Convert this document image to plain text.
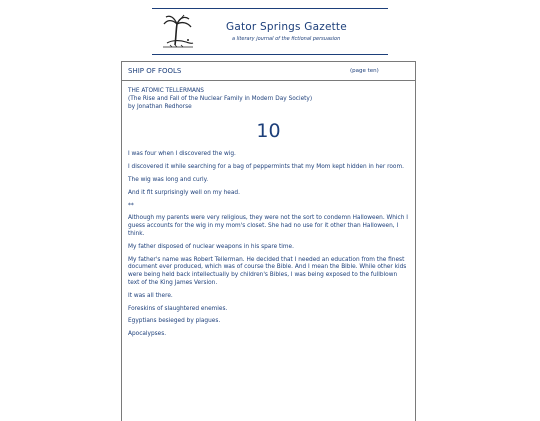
Gator Springs Gazette
a literary journal of the fictional persuasion
SHIP OF FOOLS	(page ten)
THE ATOMIC TELLERMANS
(The Rise and Fall of the Nuclear Family in Modern Day Society)
by Jonathan Redhorse
10

I was four when I discovered the wig.

I discovered it while searching for a bag of peppermints that my Mom kept hidden in her room.

The wig was long and curly.

And it fit surprisingly well on my head.

**

Although my parents were very religious, they were not the sort to condemn Halloween. Which I guess accounts for the wig in my mom's closet. She had no use for it other than Halloween, I think.

My father disposed of nuclear weapons in his spare time.

My father's name was Robert Tellerman. He decided that I needed an education from the finest document ever produced, which was of course the Bible. And I mean the Bible. While other kids were being held back intellectually by children's Bibles, I was being exposed to the fullblown text of the King James Version.

It was all there.

Foreskins of slaughtered enemies.

Egyptians besieged by plagues.

Apocalypses.
